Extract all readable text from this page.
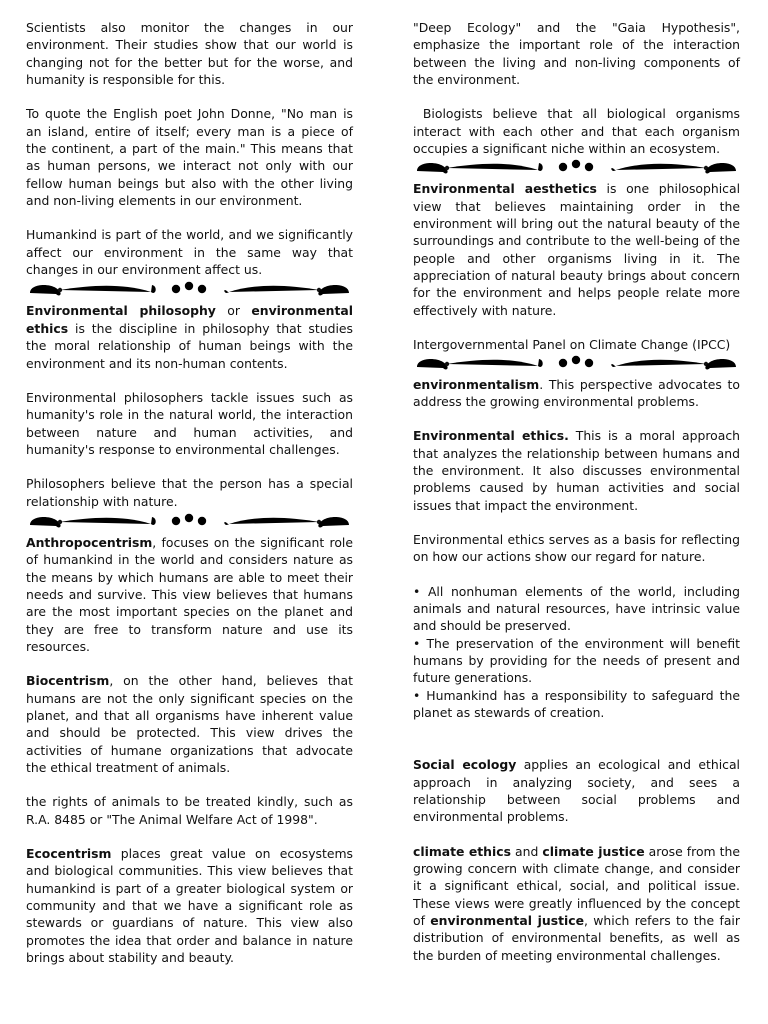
Scientists also monitor the changes in our environment. Their studies show that our world is changing not for the better but for the worse, and humanity is responsible for this.

To quote the English poet John Donne, "No man is an island, entire of itself; every man is a piece of the continent, a part of the main." This means that as human persons, we interact not only with our fellow human beings but also with the other living and non-living elements in our environment.

Humankind is part of the world, and we significantly affect our environment in the same way that changes in our environment affect us.

Environmental philosophy or environmental ethics is the discipline in philosophy that studies the moral relationship of human beings with the environment and its non-human contents.

Environmental philosophers tackle issues such as humanity's role in the natural world, the interaction between nature and human activities, and humanity's response to environmental challenges.

Philosophers believe that the person has a special relationship with nature.

Anthropocentrism, focuses on the significant role of humankind in the world and considers nature as the means by which humans are able to meet their needs and survive. This view believes that humans are the most important species on the planet and they are free to transform nature and use its resources.

Biocentrism, on the other hand, believes that humans are not the only significant species on the planet, and that all organisms have inherent value and should be protected. This view drives the activities of humane organizations that advocate the ethical treatment of animals.

the rights of animals to be treated kindly, such as R.A. 8485 or "The Animal Welfare Act of 1998".

Ecocentrism places great value on ecosystems and biological communities. This view believes that humankind is part of a greater biological system or community and that we have a significant role as stewards or guardians of nature. This view also promotes the idea that order and balance in nature brings about stability and beauty.

"Deep Ecology" and the "Gaia Hypothesis", emphasize the important role of the interaction between the living and non-living components of the environment.

Biologists believe that all biological organisms interact with each other and that each organism occupies a significant niche within an ecosystem.

Environmental aesthetics is one philosophical view that believes maintaining order in the environment will bring out the natural beauty of the surroundings and contribute to the well-being of the people and other organisms living in it. The appreciation of natural beauty brings about concern for the environment and helps people relate more effectively with nature.

Intergovernmental Panel on Climate Change (IPCC)

environmentalism. This perspective advocates to address the growing environmental problems.

Environmental ethics. This is a moral approach that analyzes the relationship between humans and the environment. It also discusses environmental problems caused by human activities and social issues that impact the environment.

Environmental ethics serves as a basis for reflecting on how our actions show our regard for nature.

• All nonhuman elements of the world, including animals and natural resources, have intrinsic value and should be preserved.

• The preservation of the environment will benefit humans by providing for the needs of present and future generations.

• Humankind has a responsibility to safeguard the planet as stewards of creation.

Social ecology applies an ecological and ethical approach in analyzing society, and sees a relationship between social problems and environmental problems.

climate ethics and climate justice arose from the growing concern with climate change, and consider it a significant ethical, social, and political issue. These views were greatly influenced by the concept of environmental justice, which refers to the fair distribution of environmental benefits, as well as the burden of meeting environmental challenges.
